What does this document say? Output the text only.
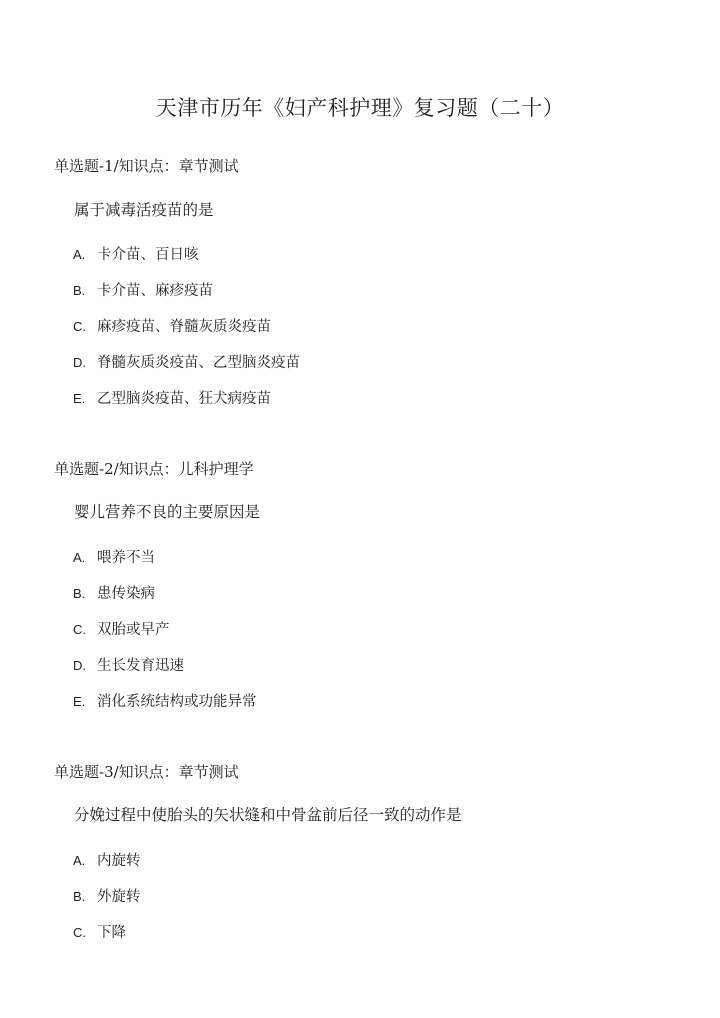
天津市历年《妇产科护理》复习题（二十）
单选题-1/知识点：章节测试
属于减毒活疫苗的是
A. 卡介苗、百日咳
B. 卡介苗、麻疹疫苗
C. 麻疹疫苗、脊髓灰质炎疫苗
D. 脊髓灰质炎疫苗、乙型脑炎疫苗
E. 乙型脑炎疫苗、狂犬病疫苗
单选题-2/知识点：儿科护理学
婴儿营养不良的主要原因是
A. 喂养不当
B. 患传染病
C. 双胎或早产
D. 生长发育迅速
E. 消化系统结构或功能异常
单选题-3/知识点：章节测试
分娩过程中使胎头的矢状缝和中骨盆前后径一致的动作是
A. 内旋转
B. 外旋转
C. 下降
